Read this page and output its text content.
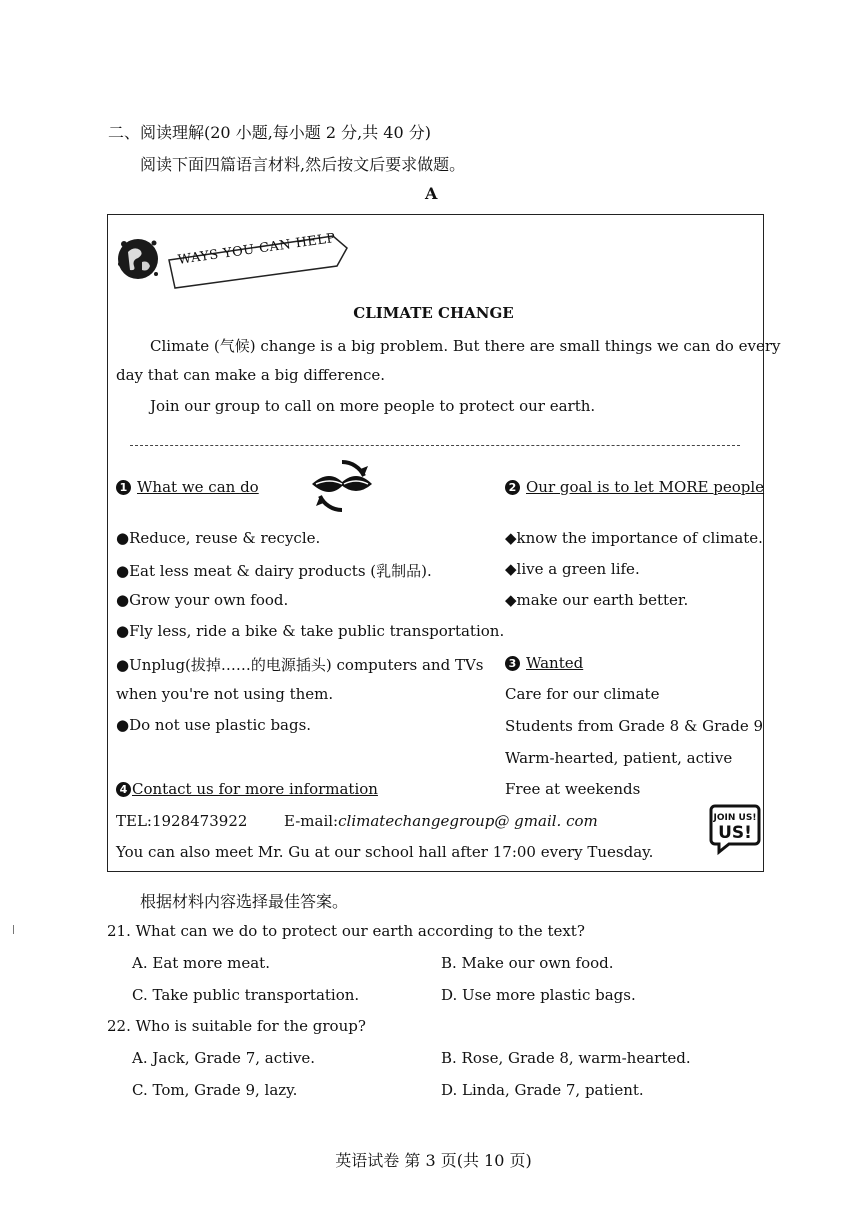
二、阅读理解(20 小题,每小题 2 分,共 40 分)
阅读下面四篇语言材料,然后按文后要求做题。
A
WAYS YOU CAN HELP
CLIMATE CHANGE
Climate (气候) change is a big problem. But there are small things we can do every
day that can make a big difference.
Join our group to call on more people to protect our earth.
1 What we can do
●Reduce, reuse & recycle.
●Eat less meat & dairy products (乳制品).
●Grow your own food.
●Fly less, ride a bike & take public transportation.
●Unplug(拔掉……的电源插头) computers and TVs
when you're not using them.
●Do not use plastic bags.
2 Our goal is to let MORE people
◆know the importance of climate.
◆live a green life.
◆make our earth better.
3 Wanted
Care for our climate
Students from Grade 8 & Grade 9
Warm-hearted, patient, active
Free at weekends
4 Contact us for more information
TEL:1928473922 E-mail:climatechangegroup@ gmail. com
You can also meet Mr. Gu at our school hall after 17:00 every Tuesday.
JOIN US!
US!
根据材料内容选择最佳答案。
21. What can we do to protect our earth according to the text?
A. Eat more meat.	B. Make our own food.
C. Take public transportation.	D. Use more plastic bags.
22. Who is suitable for the group?
A. Jack, Grade 7, active.	B. Rose, Grade 8, warm-hearted.
C. Tom, Grade 9, lazy.	D. Linda, Grade 7, patient.
英语试卷 第 3 页(共 10 页)
